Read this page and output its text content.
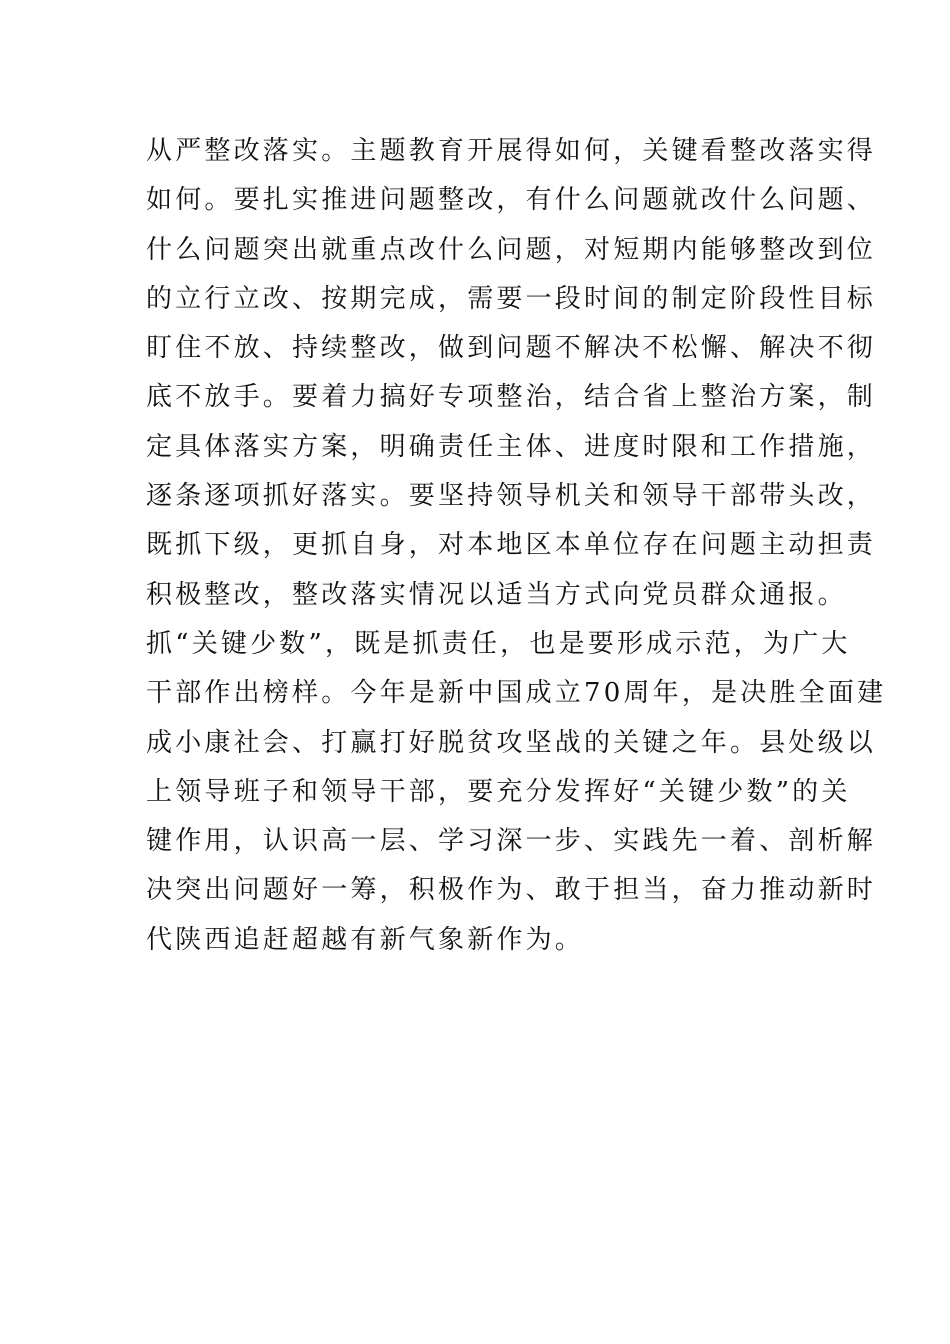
从严整改落实。主题教育开展得如何，关键看整改落实得
如何。要扎实推进问题整改，有什么问题就改什么问题、
什么问题突出就重点改什么问题，对短期内能够整改到位
的立行立改、按期完成，需要一段时间的制定阶段性目标
盯住不放、持续整改，做到问题不解决不松懈、解决不彻
底不放手。要着力搞好专项整治，结合省上整治方案，制
定具体落实方案，明确责任主体、进度时限和工作措施，
逐条逐项抓好落实。要坚持领导机关和领导干部带头改，
既抓下级，更抓自身，对本地区本单位存在问题主动担责
积极整改，整改落实情况以适当方式向党员群众通报。
抓“关键少数”，既是抓责任，也是要形成示范，为广大
干部作出榜样。今年是新中国成立70周年，是决胜全面建
成小康社会、打赢打好脱贫攻坚战的关键之年。县处级以
上领导班子和领导干部，要充分发挥好“关键少数”的关
键作用，认识高一层、学习深一步、实践先一着、剖析解
决突出问题好一筹，积极作为、敢于担当，奋力推动新时
代陕西追赶超越有新气象新作为。
